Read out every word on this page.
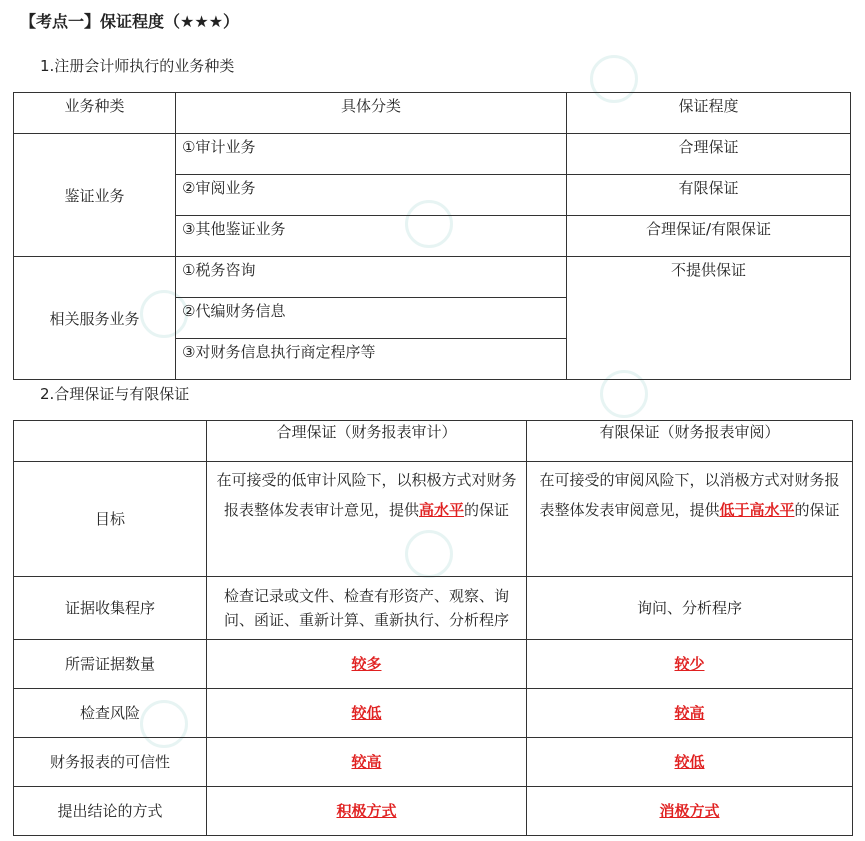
【考点一】保证程度（★★★）
1.注册会计师执行的业务种类
业务种类	具体分类	保证程度
鉴证业务	①审计业务	合理保证
	②审阅业务	有限保证
	③其他鉴证业务	合理保证/有限保证
相关服务业务	①税务咨询	不提供保证
	②代编财务信息	
	③对财务信息执行商定程序等	
2.合理保证与有限保证
	合理保证（财务报表审计）	有限保证（财务报表审阅）
目标	在可接受的低审计风险下，以积极方式对财务报表整体发表审计意见，提供高水平的保证	在可接受的审阅风险下，以消极方式对财务报表整体发表审阅意见，提供低于高水平的保证
证据收集程序	检查记录或文件、检查有形资产、观察、询问、函证、重新计算、重新执行、分析程序	询问、分析程序
所需证据数量	较多	较少
检查风险	较低	较高
财务报表的可信性	较高	较低
提出结论的方式	积极方式	消极方式
